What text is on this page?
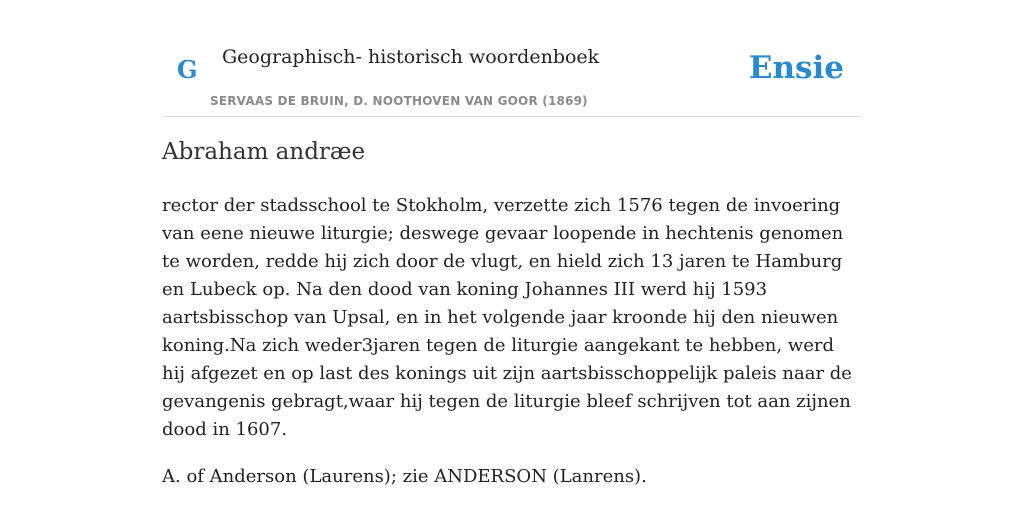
G Geographisch- historisch woordenboek
SERVAAS DE BRUIN, D. NOOTHOVEN VAN GOOR (1869)
Ensie
Abraham andræe

rector der stadsschool te Stokholm, verzette zich 1576 tegen de invoering van eene nieuwe liturgie; deswege gevaar loopende in hechtenis genomen te worden, redde hij zich door de vlugt, en hield zich 13 jaren te Hamburg en Lubeck op. Na den dood van koning Johannes III werd hij 1593 aartsbisschop van Upsal, en in het volgende jaar kroonde hij den nieuwen koning.Na zich weder3jaren tegen de liturgie aangekant te hebben, werd hij afgezet en op last des konings uit zijn aartsbisschoppelijk paleis naar de gevangenis gebragt,waar hij tegen de liturgie bleef schrijven tot aan zijnen dood in 1607.

A. of Anderson (Laurens); zie ANDERSON (Lanrens).
